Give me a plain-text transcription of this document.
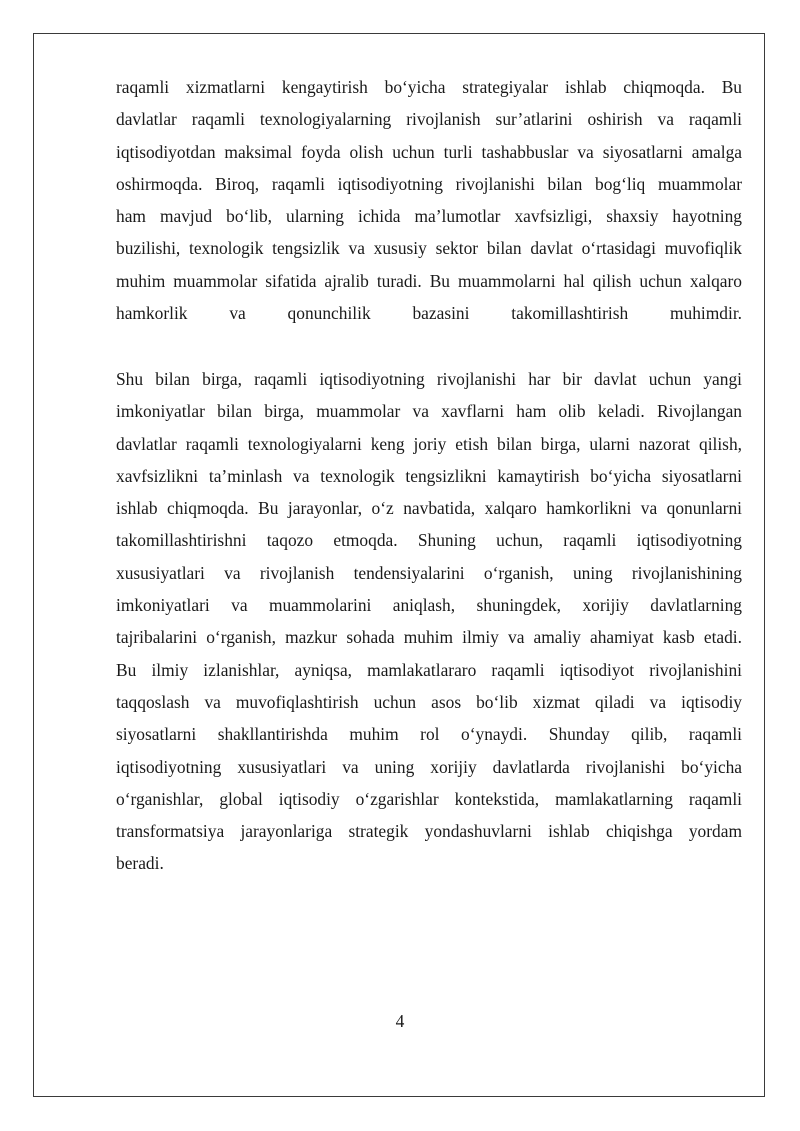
raqamli xizmatlarni kengaytirish bo‘yicha strategiyalar ishlab chiqmoqda. Bu
davlatlar raqamli texnologiyalarning rivojlanish sur’atlarini oshirish va raqamli
iqtisodiyotdan maksimal foyda olish uchun turli tashabbuslar va siyosatlarni amalga
oshirmoqda. Biroq, raqamli iqtisodiyotning rivojlanishi bilan bog‘liq muammolar
ham mavjud bo‘lib, ularning ichida ma’lumotlar xavfsizligi, shaxsiy hayotning
buzilishi, texnologik tengsizlik va xususiy sektor bilan davlat o‘rtasidagi muvofiqlik
muhim muammolar sifatida ajralib turadi. Bu muammolarni hal qilish uchun xalqaro
hamkorlik va qonunchilik bazasini takomillashtirish muhimdir.
Shu bilan birga, raqamli iqtisodiyotning rivojlanishi har bir davlat uchun yangi
imkoniyatlar bilan birga, muammolar va xavflarni ham olib keladi. Rivojlangan
davlatlar raqamli texnologiyalarni keng joriy etish bilan birga, ularni nazorat qilish,
xavfsizlikni ta’minlash va texnologik tengsizlikni kamaytirish bo‘yicha siyosatlarni
ishlab chiqmoqda. Bu jarayonlar, o‘z navbatida, xalqaro hamkorlikni va qonunlarni
takomillashtirishni taqozo etmoqda. Shuning uchun, raqamli iqtisodiyotning
xususiyatlari va rivojlanish tendensiyalarini o‘rganish, uning rivojlanishining
imkoniyatlari va muammolarini aniqlash, shuningdek, xorijiy davlatlarning
tajribalarini o‘rganish, mazkur sohada muhim ilmiy va amaliy ahamiyat kasb etadi.
Bu ilmiy izlanishlar, ayniqsa, mamlakatlararo raqamli iqtisodiyot rivojlanishini
taqqoslash va muvofiqlashtirish uchun asos bo‘lib xizmat qiladi va iqtisodiy
siyosatlarni shakllantirishda muhim rol o‘ynaydi. Shunday qilib, raqamli
iqtisodiyotning xususiyatlari va uning xorijiy davlatlarda rivojlanishi bo‘yicha
o‘rganishlar, global iqtisodiy o‘zgarishlar kontekstida, mamlakatlarning raqamli
transformatsiya jarayonlariga strategik yondashuvlarni ishlab chiqishga yordam
beradi.
4
